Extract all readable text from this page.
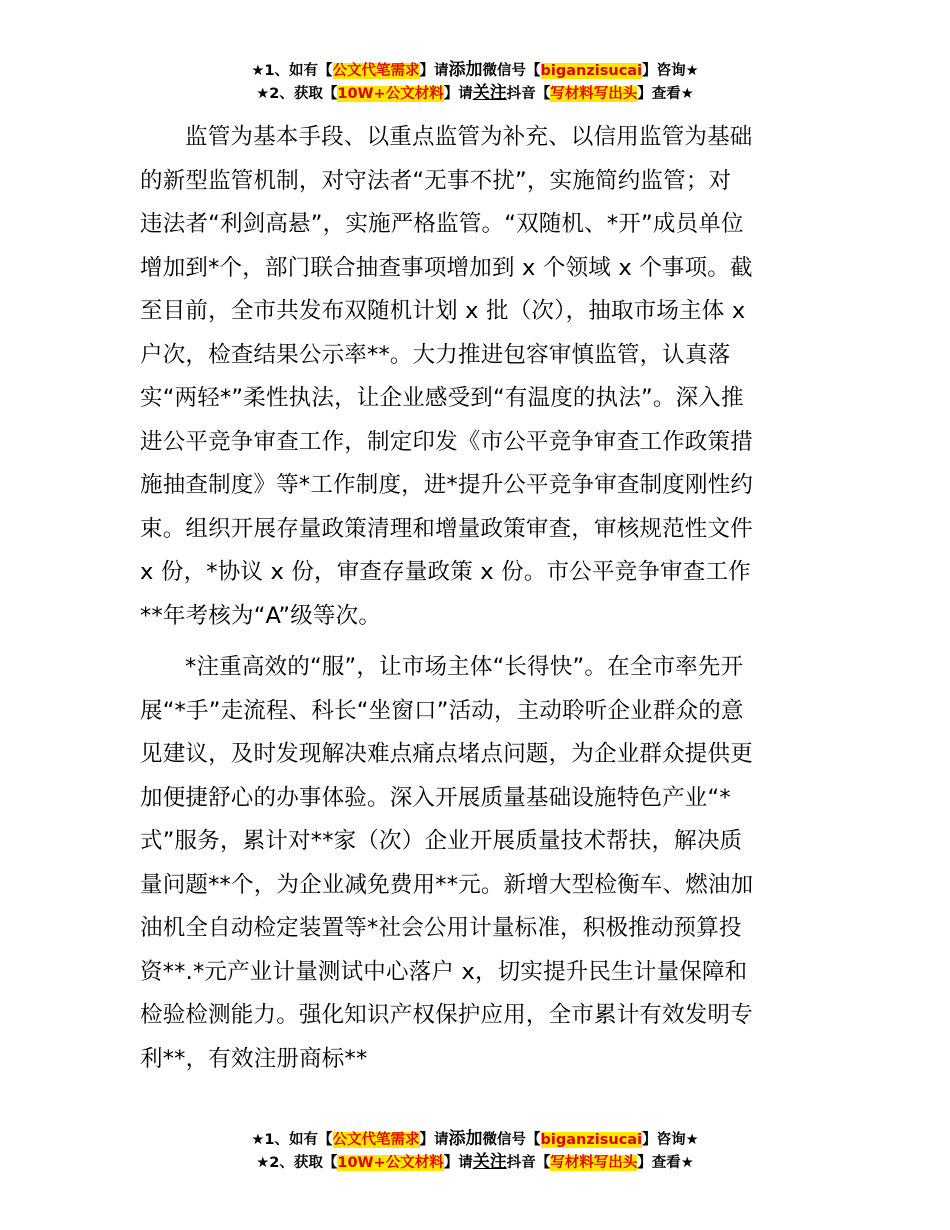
★1、如有【公文代笔需求】请添加微信号【biganzisucai】咨询★
★2、获取【10W+公文材料】请关注抖音【写材料写出头】查看★

监管为基本手段、以重点监管为补充、以信用监管为基础
的新型监管机制，对守法者“无事不扰”，实施简约监管；对
违法者“利剑高悬”，实施严格监管。“双随机、*开”成员单位
增加到*个，部门联合抽查事项增加到 x 个领域 x 个事项。截
至目前，全市共发布双随机计划 x 批（次），抽取市场主体 x
户次，检查结果公示率**。大力推进包容审慎监管，认真落
实“两轻*”柔性执法，让企业感受到“有温度的执法”。深入推
进公平竞争审查工作，制定印发《市公平竞争审查工作政策措
施抽查制度》等*工作制度，进*提升公平竞争审查制度刚性约
束。组织开展存量政策清理和增量政策审查，审核规范性文件
x 份，*协议 x 份，审查存量政策 x 份。市公平竞争审查工作
**年考核为“A”级等次。

*注重高效的“服”，让市场主体“长得快”。在全市率先开
展“*手”走流程、科长“坐窗口”活动，主动聆听企业群众的意
见建议，及时发现解决难点痛点堵点问题，为企业群众提供更
加便捷舒心的办事体验。深入开展质量基础设施特色产业“*
式”服务，累计对**家（次）企业开展质量技术帮扶，解决质
量问题**个，为企业减免费用**元。新增大型检衡车、燃油加
油机全自动检定装置等*社会公用计量标准，积极推动预算投
资**.*元产业计量测试中心落户 x，切实提升民生计量保障和
检验检测能力。强化知识产权保护应用，全市累计有效发明专
利**，有效注册商标**

★1、如有【公文代笔需求】请添加微信号【biganzisucai】咨询★
★2、获取【10W+公文材料】请关注抖音【写材料写出头】查看★
